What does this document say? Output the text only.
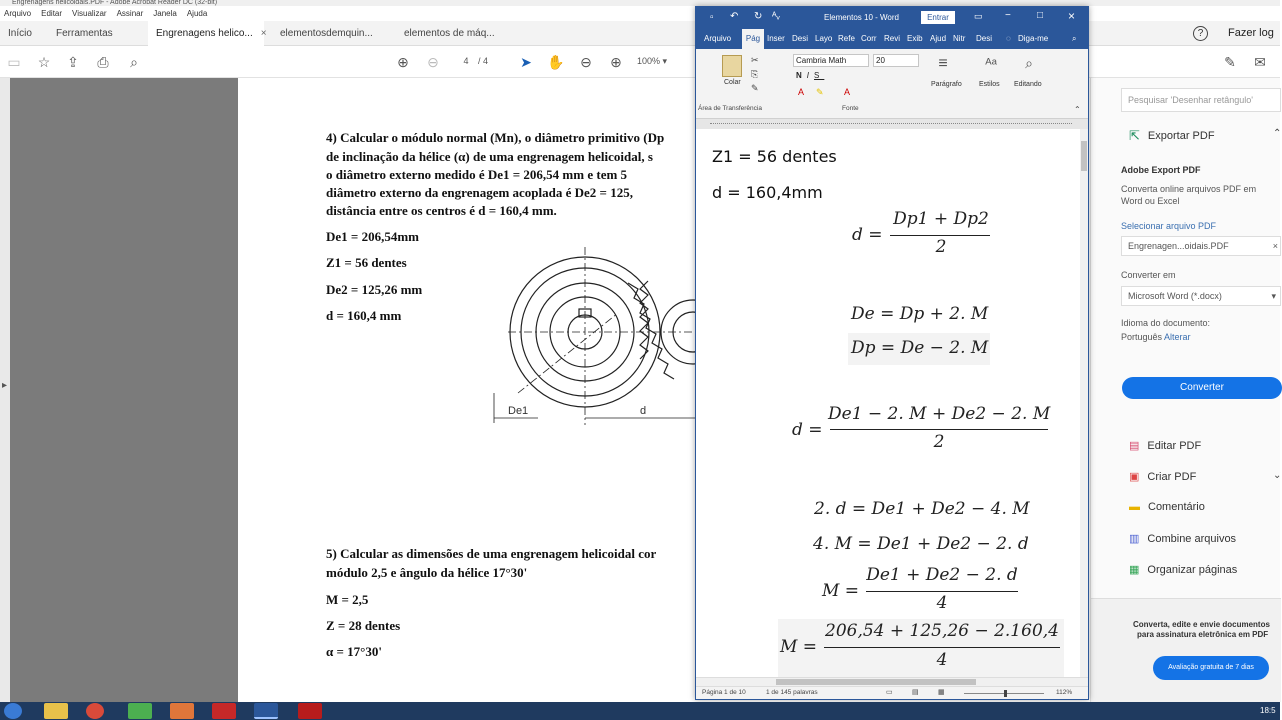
Engrenagens helicoidais.PDF - Adobe Acrobat Reader DC (32-bit)
Arquivo Editar Visualizar Assinar Janela Ajuda
Início	Ferramentas	Engrenagens helico... ×	elementosdemquin...	elementos de máq...	?	Fazer log
▭ ☆ ⇪	⎙	⌕	⊕ ⊖	➤ ✋ ⊖ ⊕	✎ ✉
4	/ 4	100% ▾
4) Calcular o módulo normal (Mn), o diâmetro primitivo (Dp
de inclinação da hélice (α) de uma engrenagem helicoidal, s
o diâmetro externo medido é De1 = 206,54 mm e tem 5
diâmetro externo da engrenagem acoplada é De2 = 125,
distância entre os centros é d = 160,4 mm.
De1 = 206,54mm
Z1 = 56 dentes
De2 = 125,26 mm
d = 160,4 mm
De1	d
5) Calcular as dimensões de uma engrenagem helicoidal cor
módulo 2,5 e ângulo da hélice 17°30'
M = 2,5
Z = 28 dentes
α = 17°30'
▸
Pesquisar 'Desenhar retângulo'
⇱ Exportar PDF	⌃
Adobe Export PDF
Converta online arquivos PDF em
Word ou Excel
Selecionar arquivo PDF
Engrenagen...oidais.PDF	×
Converter em
Microsoft Word (*.docx)	▾
Idioma do documento:
Português Alterar
Converter
▤ Editar PDF
▣ Criar PDF	⌄
▬ Comentário
▥ Combine arquivos
▦ Organizar páginas
Converta, edite e envie documentos
para assinatura eletrônica em PDF
Avaliação gratuita de 7 dias
▫ ↶ ↻ ᴬᵥ	Elementos 10 - Word	Entrar	▭ −	□ ×
Arquivo	Pág Inser Desi Layo Refe Corr Revi Exib Ajud Nitr	Desi	◌ Diga-me	⌕
Colar
✂
⎘
✎
Cambria Math	20
NIS
A ✎ A
≡
Parágrafo
ᴬᵃ
Estilos
⌕
Editando
Área de Transferência	Fonte	⌃
Z1 = 56 dentes
d = 160,4mm
d =
Dp1 + Dp2
2
De = Dp + 2. M
Dp = De − 2. M
d =
De1 − 2. M + De2 − 2. M
2
2. d = De1 + De2 − 4. M
4. M = De1 + De2 − 2. d
M =
De1 + De2 − 2. d
4
M =
206,54 + 125,26 − 2.160,4
4
Página 1 de 10	1 de 145 palavras	▭	▤	▦	112%
18:5
